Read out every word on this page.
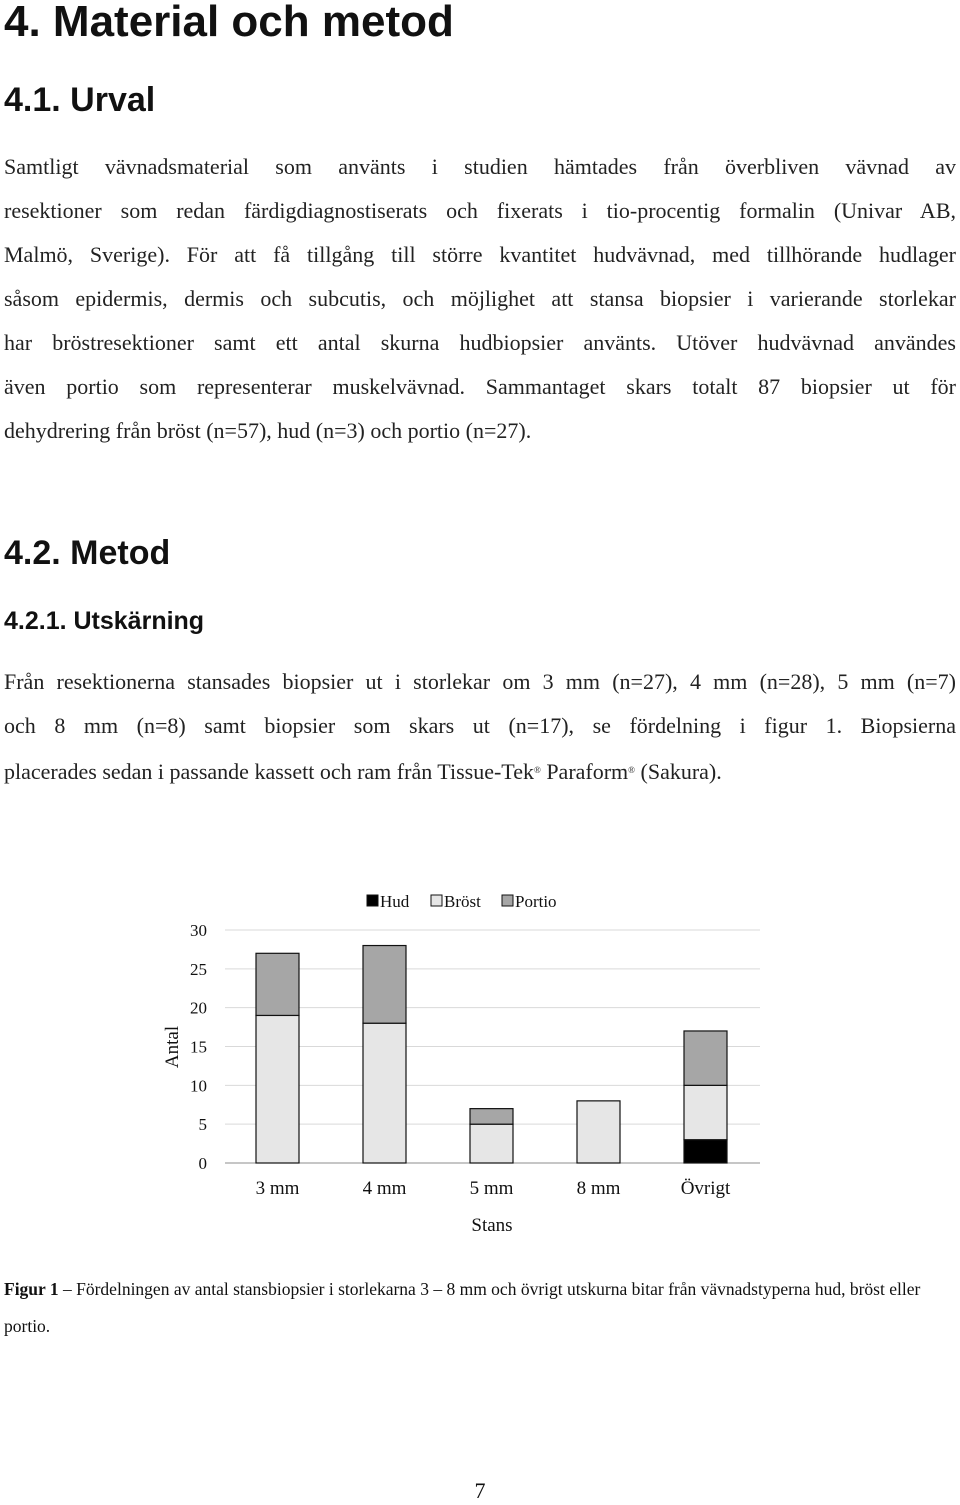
4. Material och metod
4.1. Urval
Samtligt vävnadsmaterial som använts i studien hämtades från överbliven vävnad av
resektioner som redan färdigdiagnostiserats och fixerats i tio-procentig formalin (Univar AB,
Malmö, Sverige). För att få tillgång till större kvantitet hudvävnad, med tillhörande hudlager
såsom epidermis, dermis och subcutis, och möjlighet att stansa biopsier i varierande storlekar
har bröstresektioner samt ett antal skurna hudbiopsier använts. Utöver hudvävnad användes
även portio som representerar muskelvävnad. Sammantaget skars totalt 87 biopsier ut för
dehydrering från bröst (n=57), hud (n=3) och portio (n=27).
4.2. Metod
4.2.1. Utskärning
Från resektionerna stansades biopsier ut i storlekar om 3 mm (n=27), 4 mm (n=28), 5 mm (n=7)
och 8 mm (n=8) samt biopsier som skars ut (n=17), se fördelning i figur 1. Biopsierna
placerades sedan i passande kassett och ram från Tissue-Tek® Paraform® (Sakura).
0
5
10
15
20
25
30
3 mm	4 mm	5 mm	8 mm	Övrigt
Hud Bröst Portio
Antal
Stans
Figur 1 – Fördelningen av antal stansbiopsier i storlekarna 3 – 8 mm och övrigt utskurna bitar från vävnadstyperna hud, bröst eller portio.
7
